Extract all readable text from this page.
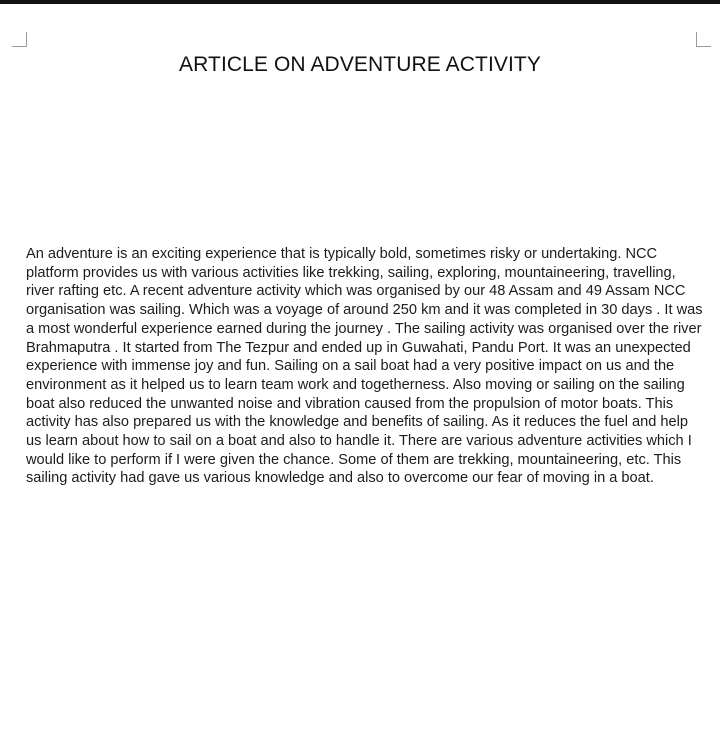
ARTICLE ON ADVENTURE ACTIVITY

An adventure is an exciting experience that is typically bold, sometimes risky or undertaking. NCC platform provides us with various activities like trekking, sailing, exploring, mountaineering, travelling, river rafting etc. A recent adventure activity which was organised by our 48 Assam and 49 Assam NCC organisation was sailing. Which was a voyage of around 250 km and it was completed in 30 days . It was a most wonderful experience earned during the journey . The sailing activity was organised over the river Brahmaputra . It started from The Tezpur and ended up in Guwahati, Pandu Port. It was an unexpected experience with immense joy and fun. Sailing on a sail boat had a very positive impact on us and the environment as it helped us to learn team work and togetherness. Also moving or sailing on the sailing boat also reduced the unwanted noise and vibration caused from the propulsion of motor boats. This activity has also prepared us with the knowledge and benefits of sailing. As it reduces the fuel and help us learn about how to sail on a boat and also to handle it. There are various adventure activities which I would like to perform if I were given the chance. Some of them are trekking, mountaineering, etc. This sailing activity had gave us various knowledge and also to overcome our fear of moving in a boat.
